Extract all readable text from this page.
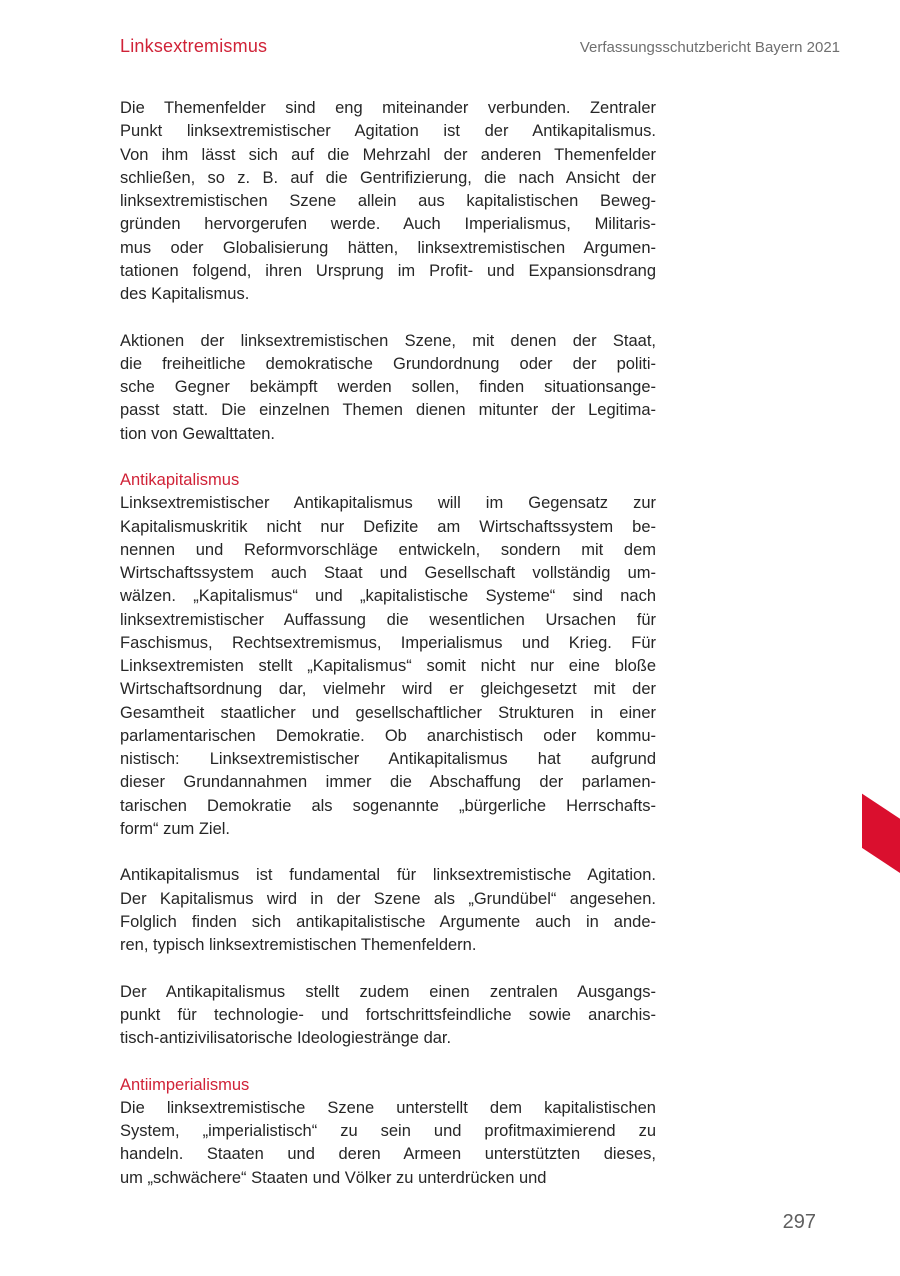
Linksextremismus	Verfassungsschutzbericht Bayern 2021
Die Themenfelder sind eng miteinander verbunden. Zentraler
Punkt linksextremistischer Agitation ist der Antikapitalismus.
Von ihm lässt sich auf die Mehrzahl der anderen Themenfelder
schließen, so z. B. auf die Gentrifizierung, die nach Ansicht der
linksextremistischen Szene allein aus kapitalistischen Beweg-
gründen hervorgerufen werde. Auch Imperialismus, Militaris-
mus oder Globalisierung hätten, linksextremistischen Argumen-
tationen folgend, ihren Ursprung im Profit- und Expansionsdrang
des Kapitalismus.
Aktionen der linksextremistischen Szene, mit denen der Staat,
die freiheitliche demokratische Grundordnung oder der politi-
sche Gegner bekämpft werden sollen, finden situationsange-
passt statt. Die einzelnen Themen dienen mitunter der Legitima-
tion von Gewalttaten.
Antikapitalismus
Linksextremistischer Antikapitalismus will im Gegensatz zur
Kapitalismuskritik nicht nur Defizite am Wirtschaftssystem be-
nennen und Reformvorschläge entwickeln, sondern mit dem
Wirtschaftssystem auch Staat und Gesellschaft vollständig um-
wälzen. „Kapitalismus“ und „kapitalistische Systeme“ sind nach
linksextremistischer Auffassung die wesentlichen Ursachen für
Faschismus, Rechtsextremismus, Imperialismus und Krieg. Für
Linksextremisten stellt „Kapitalismus“ somit nicht nur eine bloße
Wirtschaftsordnung dar, vielmehr wird er gleichgesetzt mit der
Gesamtheit staatlicher und gesellschaftlicher Strukturen in einer
parlamentarischen Demokratie. Ob anarchistisch oder kommu-
nistisch: Linksextremistischer Antikapitalismus hat aufgrund
dieser Grundannahmen immer die Abschaffung der parlamen-
tarischen Demokratie als sogenannte „bürgerliche Herrschafts-
form“ zum Ziel.
Antikapitalismus ist fundamental für linksextremistische Agitation.
Der Kapitalismus wird in der Szene als „Grundübel“ angesehen.
Folglich finden sich antikapitalistische Argumente auch in ande-
ren, typisch linksextremistischen Themenfeldern.
Der Antikapitalismus stellt zudem einen zentralen Ausgangs-
punkt für technologie- und fortschrittsfeindliche sowie anarchis-
tisch-antizivilisatorische Ideologiestränge dar.
Antiimperialismus
Die linksextremistische Szene unterstellt dem kapitalistischen
System, „imperialistisch“ zu sein und profitmaximierend zu
handeln. Staaten und deren Armeen unterstützten dieses,
um „schwächere“ Staaten und Völker zu unterdrücken und
297
